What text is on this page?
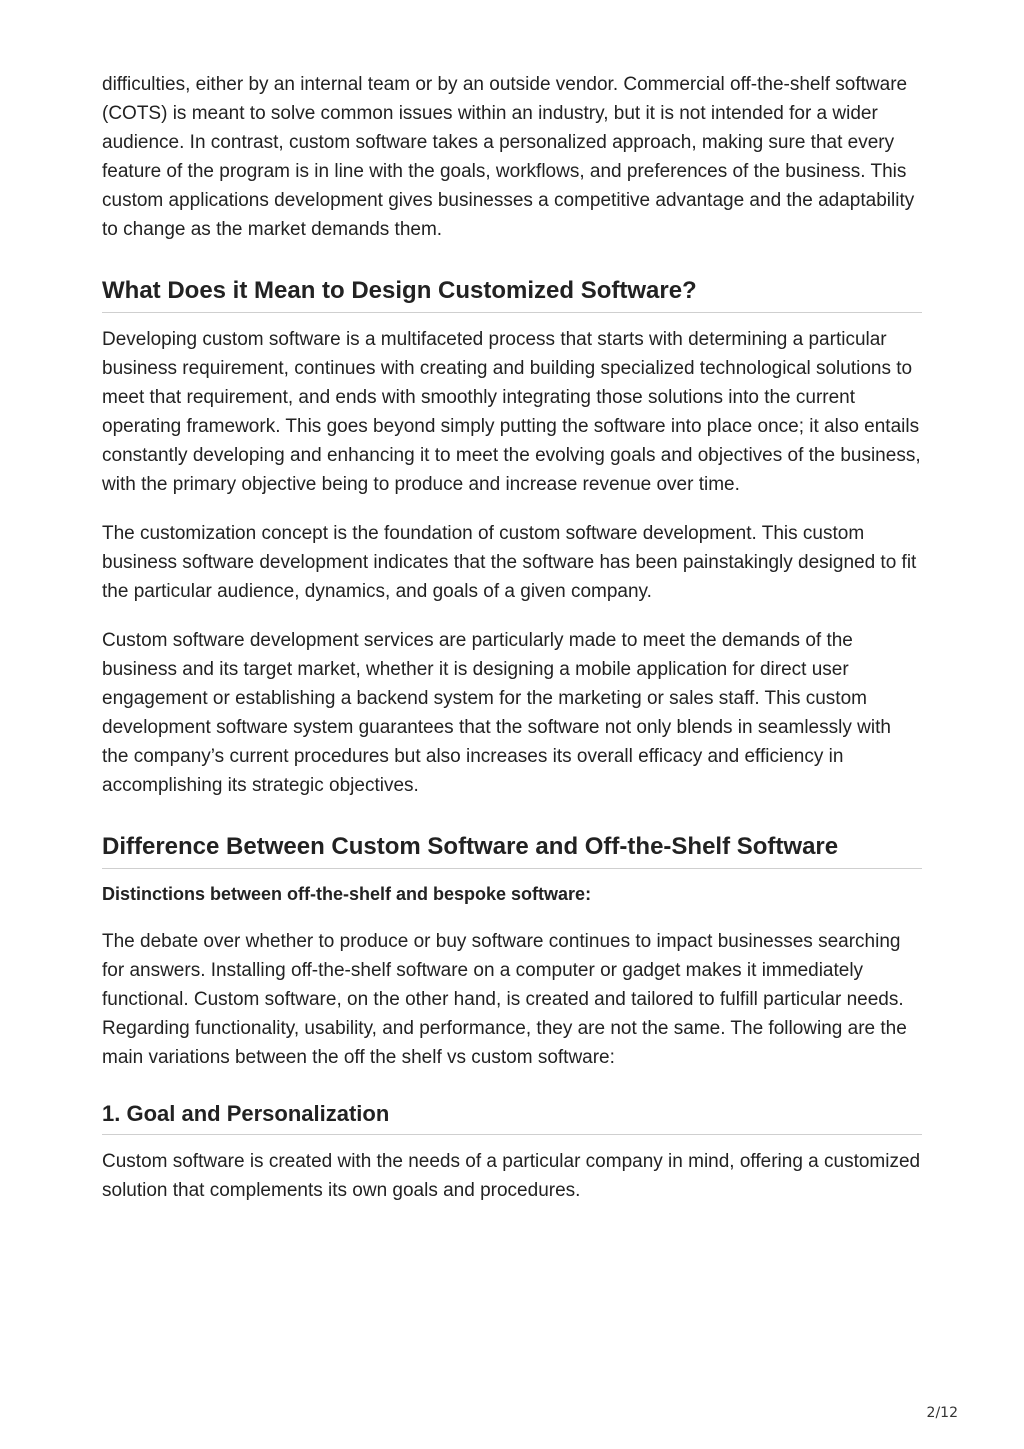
difficulties, either by an internal team or by an outside vendor. Commercial off-the-shelf software (COTS) is meant to solve common issues within an industry, but it is not intended for a wider audience. In contrast, custom software takes a personalized approach, making sure that every feature of the program is in line with the goals, workflows, and preferences of the business. This custom applications development gives businesses a competitive advantage and the adaptability to change as the market demands them.

What Does it Mean to Design Customized Software?

Developing custom software is a multifaceted process that starts with determining a particular business requirement, continues with creating and building specialized technological solutions to meet that requirement, and ends with smoothly integrating those solutions into the current operating framework. This goes beyond simply putting the software into place once; it also entails constantly developing and enhancing it to meet the evolving goals and objectives of the business, with the primary objective being to produce and increase revenue over time.

The customization concept is the foundation of custom software development. This custom business software development indicates that the software has been painstakingly designed to fit the particular audience, dynamics, and goals of a given company.

Custom software development services are particularly made to meet the demands of the business and its target market, whether it is designing a mobile application for direct user engagement or establishing a backend system for the marketing or sales staff. This custom development software system guarantees that the software not only blends in seamlessly with the company’s current procedures but also increases its overall efficacy and efficiency in accomplishing its strategic objectives.

Difference Between Custom Software and Off-the-Shelf Software

Distinctions between off-the-shelf and bespoke software:

The debate over whether to produce or buy software continues to impact businesses searching for answers. Installing off-the-shelf software on a computer or gadget makes it immediately functional. Custom software, on the other hand, is created and tailored to fulfill particular needs. Regarding functionality, usability, and performance, they are not the same. The following are the main variations between the off the shelf vs custom software:

1. Goal and Personalization

Custom software is created with the needs of a particular company in mind, offering a customized solution that complements its own goals and procedures.

2/12
